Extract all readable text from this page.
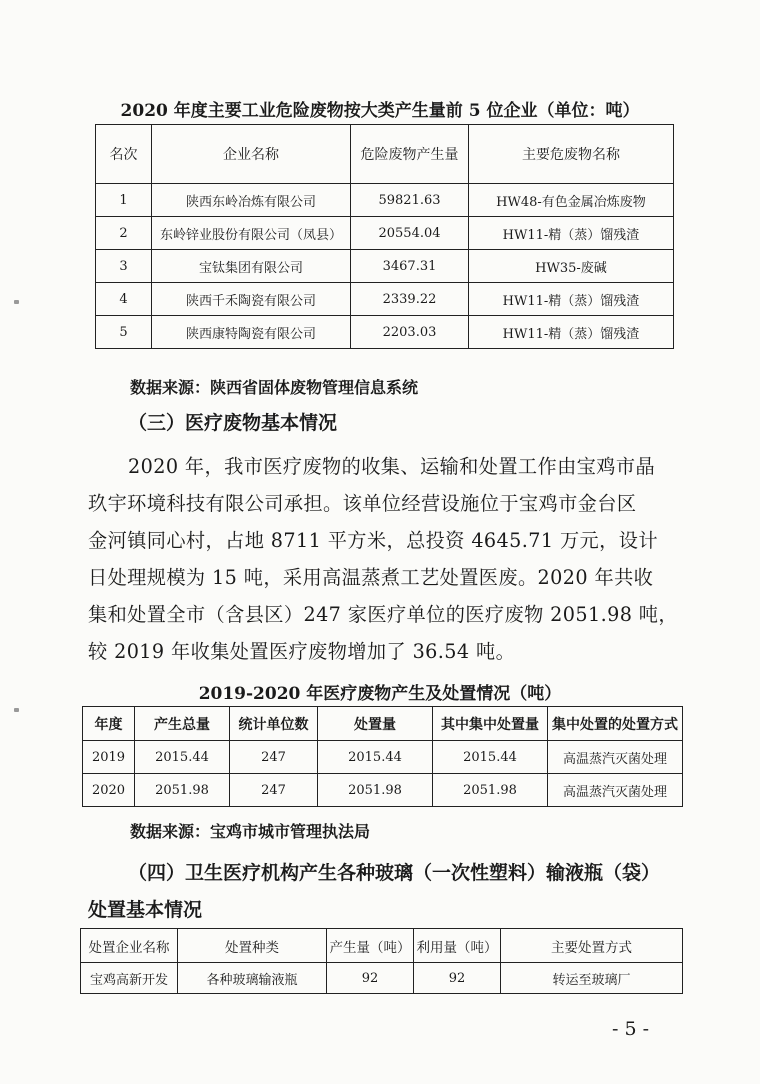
2020 年度主要工业危险废物按大类产生量前 5 位企业（单位：吨）
名次	企业名称	危险废物产生量	主要危废物名称
1	陕西东岭冶炼有限公司	59821.63	HW48-有色金属冶炼废物
2	东岭锌业股份有限公司（凤县）	20554.04	HW11-精（蒸）馏残渣
3	宝钛集团有限公司	3467.31	HW35-废碱
4	陕西千禾陶瓷有限公司	2339.22	HW11-精（蒸）馏残渣
5	陕西康特陶瓷有限公司	2203.03	HW11-精（蒸）馏残渣
数据来源：陕西省固体废物管理信息系统
（三）医疗废物基本情况
2020 年，我市医疗废物的收集、运输和处置工作由宝鸡市晶
玖宇环境科技有限公司承担。该单位经营设施位于宝鸡市金台区
金河镇同心村，占地 8711 平方米，总投资 4645.71 万元，设计
日处理规模为 15 吨，采用高温蒸煮工艺处置医废。2020 年共收
集和处置全市（含县区）247 家医疗单位的医疗废物 2051.98 吨，
较 2019 年收集处置医疗废物增加了 36.54 吨。
2019-2020 年医疗废物产生及处置情况（吨）
年度	产生总量	统计单位数	处置量	其中集中处置量	集中处置的处置方式
2019	2015.44	247	2015.44	2015.44	高温蒸汽灭菌处理
2020	2051.98	247	2051.98	2051.98	高温蒸汽灭菌处理
数据来源：宝鸡市城市管理执法局
（四）卫生医疗机构产生各种玻璃（一次性塑料）输液瓶（袋）
处置基本情况
处置企业名称	处置种类	产生量（吨）	利用量（吨）	主要处置方式
宝鸡高新开发	各种玻璃输液瓶	92	92	转运至玻璃厂
- 5 -
